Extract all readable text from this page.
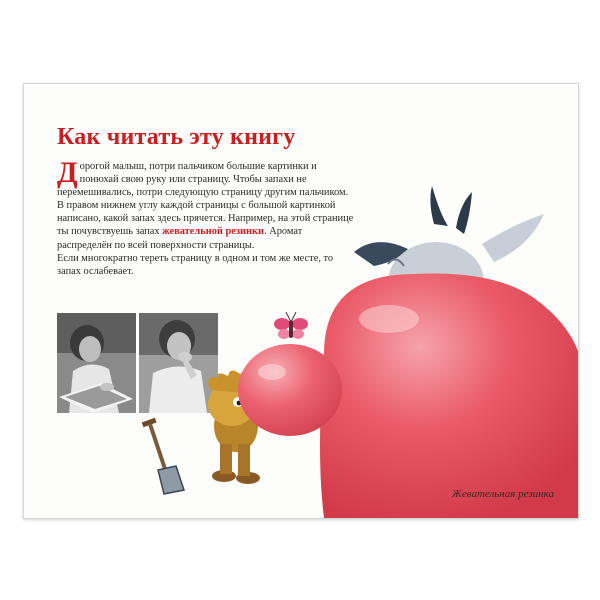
Как читать эту книгу
Дорогой малыш, потри пальчиком большие картинки и понюхай свою руку или страницу. Чтобы запахи не перемешивались, потри следующую страницу другим пальчиком. В правом нижнем углу каждой страницы с большой картинкой написано, какой запах здесь прячется. Например, на этой странице ты почувствуешь запах жевательной резинки. Аромат распределён по всей поверхности страницы.
Если многократно тереть страницу в одном и том же месте, то запах ослабевает.
Жевательная резинка
